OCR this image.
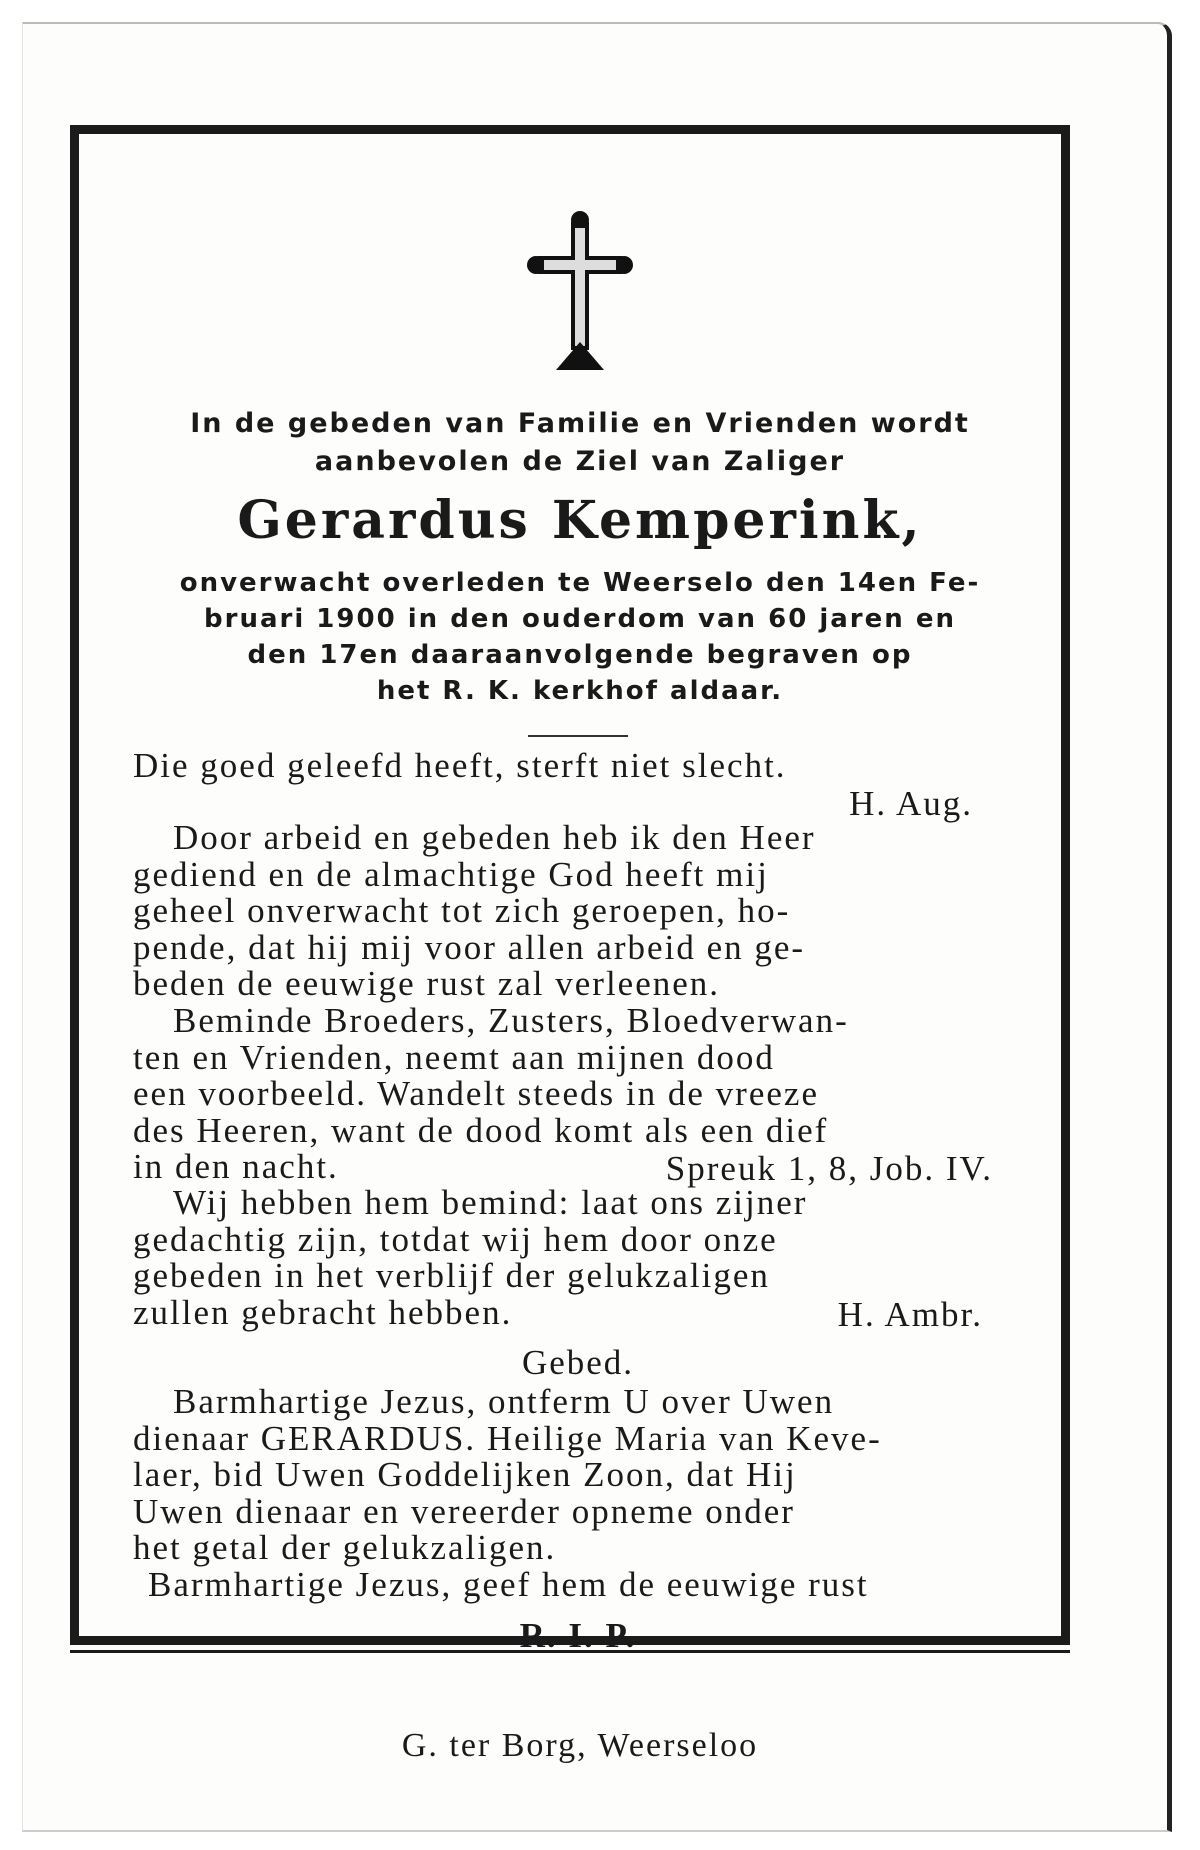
In de gebeden van Familie en Vrienden wordt
aanbevolen de Ziel van Zaliger
Gerardus Kemperink,
onverwacht overleden te Weerselo den 14en Fe-
bruari 1900 in den ouderdom van 60 jaren en
den 17en daaraanvolgende begraven op
het R. K. kerkhof aldaar.
Die goed geleefd heeft, sterft niet slecht.
H. Aug.
Door arbeid en gebeden heb ik den Heer
gediend en de almachtige God heeft mij
geheel onverwacht tot zich geroepen, ho-
pende, dat hij mij voor allen arbeid en ge-
beden de eeuwige rust zal verleenen.
Beminde Broeders, Zusters, Bloedverwan-
ten en Vrienden, neemt aan mijnen dood
een voorbeeld. Wandelt steeds in de vreeze
des Heeren, want de dood komt als een dief
in den nacht.	Spreuk 1, 8, Job. IV.
Wij hebben hem bemind: laat ons zijner
gedachtig zijn, totdat wij hem door onze
gebeden in het verblijf der gelukzaligen
zullen gebracht hebben.	H. Ambr.
Gebed.
Barmhartige Jezus, ontferm U over Uwen
dienaar GERARDUS. Heilige Maria van Keve-
laer, bid Uwen Goddelijken Zoon, dat Hij
Uwen dienaar en vereerder opneme onder
het getal der gelukzaligen.
Barmhartige Jezus, geef hem de eeuwige rust
R. I. P.
G. ter Borg, Weerseloo
